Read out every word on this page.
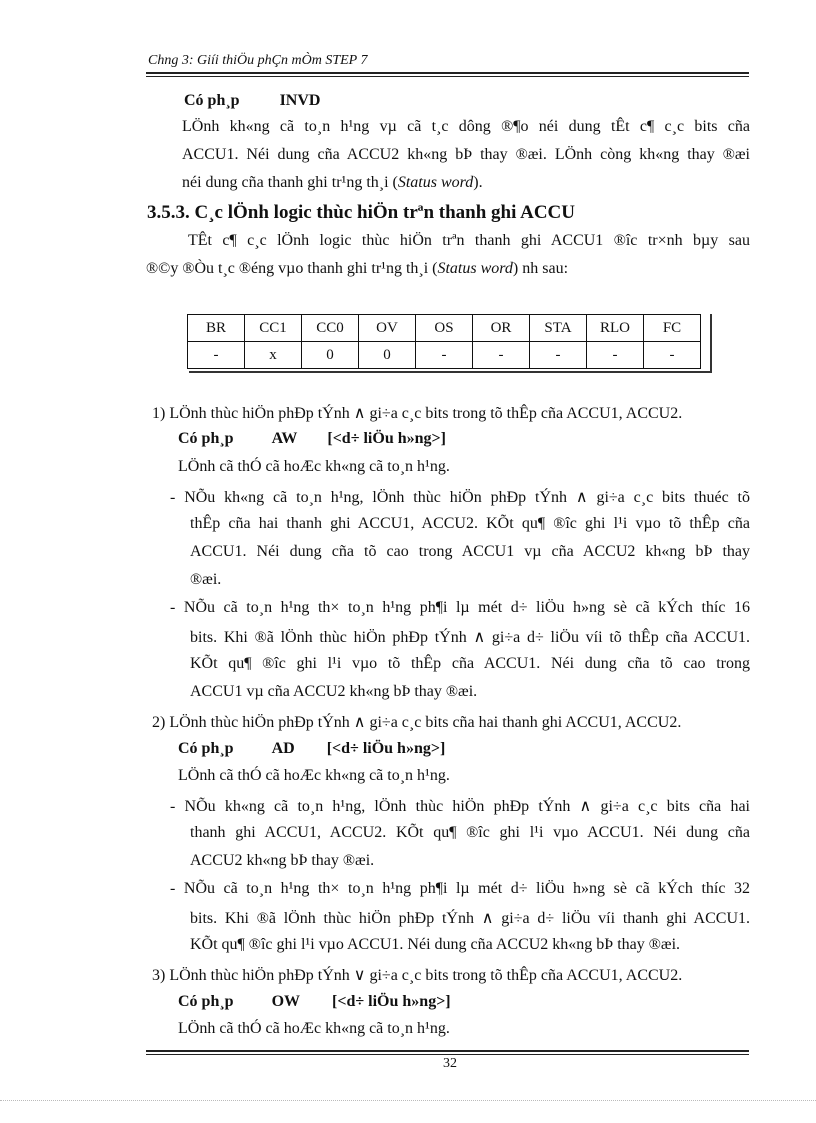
Chng 3: Giíi thiÖu phÇn mÒm STEP 7
Có ph¸p	INVD
LÖnh kh«ng cã to¸n h¹ng vµ cã t¸c dông ®¶o néi dung tÊt c¶ c¸c bits cña
ACCU1. Néi dung cña ACCU2 kh«ng bÞ thay ®æi. LÖnh còng kh«ng thay ®æi
néi dung cña thanh ghi tr¹ng th¸i (Status word).
3.5.3. C¸c lÖnh logic thùc hiÖn trªn thanh ghi ACCU
TÊt c¶ c¸c lÖnh logic thùc hiÖn trªn thanh ghi ACCU1 ®îc tr×nh bµy sau
®©y ®Òu t¸c ®éng vµo thanh ghi tr¹ng th¸i (Status word) nh sau:
BR	CC1	CC0	OV	OS	OR	STA	RLO	FC
-	x	0	0	-	-	-	-	-
1) LÖnh thùc hiÖn phÐp tÝnh ∧ gi÷a c¸c bits trong tõ thÊp cña ACCU1, ACCU2.
Có ph¸p AW [<d÷ liÖu h»ng>]
LÖnh cã thÓ cã hoÆc kh«ng cã to¸n h¹ng.
- NÕu kh«ng cã to¸n h¹ng, lÖnh thùc hiÖn phÐp tÝnh ∧ gi÷a c¸c bits thuéc tõ
thÊp cña hai thanh ghi ACCU1, ACCU2. KÕt qu¶ ®îc ghi l¹i vµo tõ thÊp cña
ACCU1. Néi dung cña tõ cao trong ACCU1 vµ cña ACCU2 kh«ng bÞ thay
®æi.
- NÕu cã to¸n h¹ng th× to¸n h¹ng ph¶i lµ mét d÷ liÖu h»ng sè cã kÝch thíc 16
bits. Khi ®ã lÖnh thùc hiÖn phÐp tÝnh ∧ gi÷a d÷ liÖu víi tõ thÊp cña ACCU1.
KÕt qu¶ ®îc ghi l¹i vµo tõ thÊp cña ACCU1. Néi dung cña tõ cao trong
ACCU1 vµ cña ACCU2 kh«ng bÞ thay ®æi.
2) LÖnh thùc hiÖn phÐp tÝnh ∧ gi÷a c¸c bits cña hai thanh ghi ACCU1, ACCU2.
Có ph¸p AD [<d÷ liÖu h»ng>]
LÖnh cã thÓ cã hoÆc kh«ng cã to¸n h¹ng.
- NÕu kh«ng cã to¸n h¹ng, lÖnh thùc hiÖn phÐp tÝnh ∧ gi÷a c¸c bits cña hai
thanh ghi ACCU1, ACCU2. KÕt qu¶ ®îc ghi l¹i vµo ACCU1. Néi dung cña
ACCU2 kh«ng bÞ thay ®æi.
- NÕu cã to¸n h¹ng th× to¸n h¹ng ph¶i lµ mét d÷ liÖu h»ng sè cã kÝch thíc 32
bits. Khi ®ã lÖnh thùc hiÖn phÐp tÝnh ∧ gi÷a d÷ liÖu víi thanh ghi ACCU1.
KÕt qu¶ ®îc ghi l¹i vµo ACCU1. Néi dung cña ACCU2 kh«ng bÞ thay ®æi.
3) LÖnh thùc hiÖn phÐp tÝnh ∨ gi÷a c¸c bits trong tõ thÊp cña ACCU1, ACCU2.
Có ph¸p OW [<d÷ liÖu h»ng>]
LÖnh cã thÓ cã hoÆc kh«ng cã to¸n h¹ng.
32
